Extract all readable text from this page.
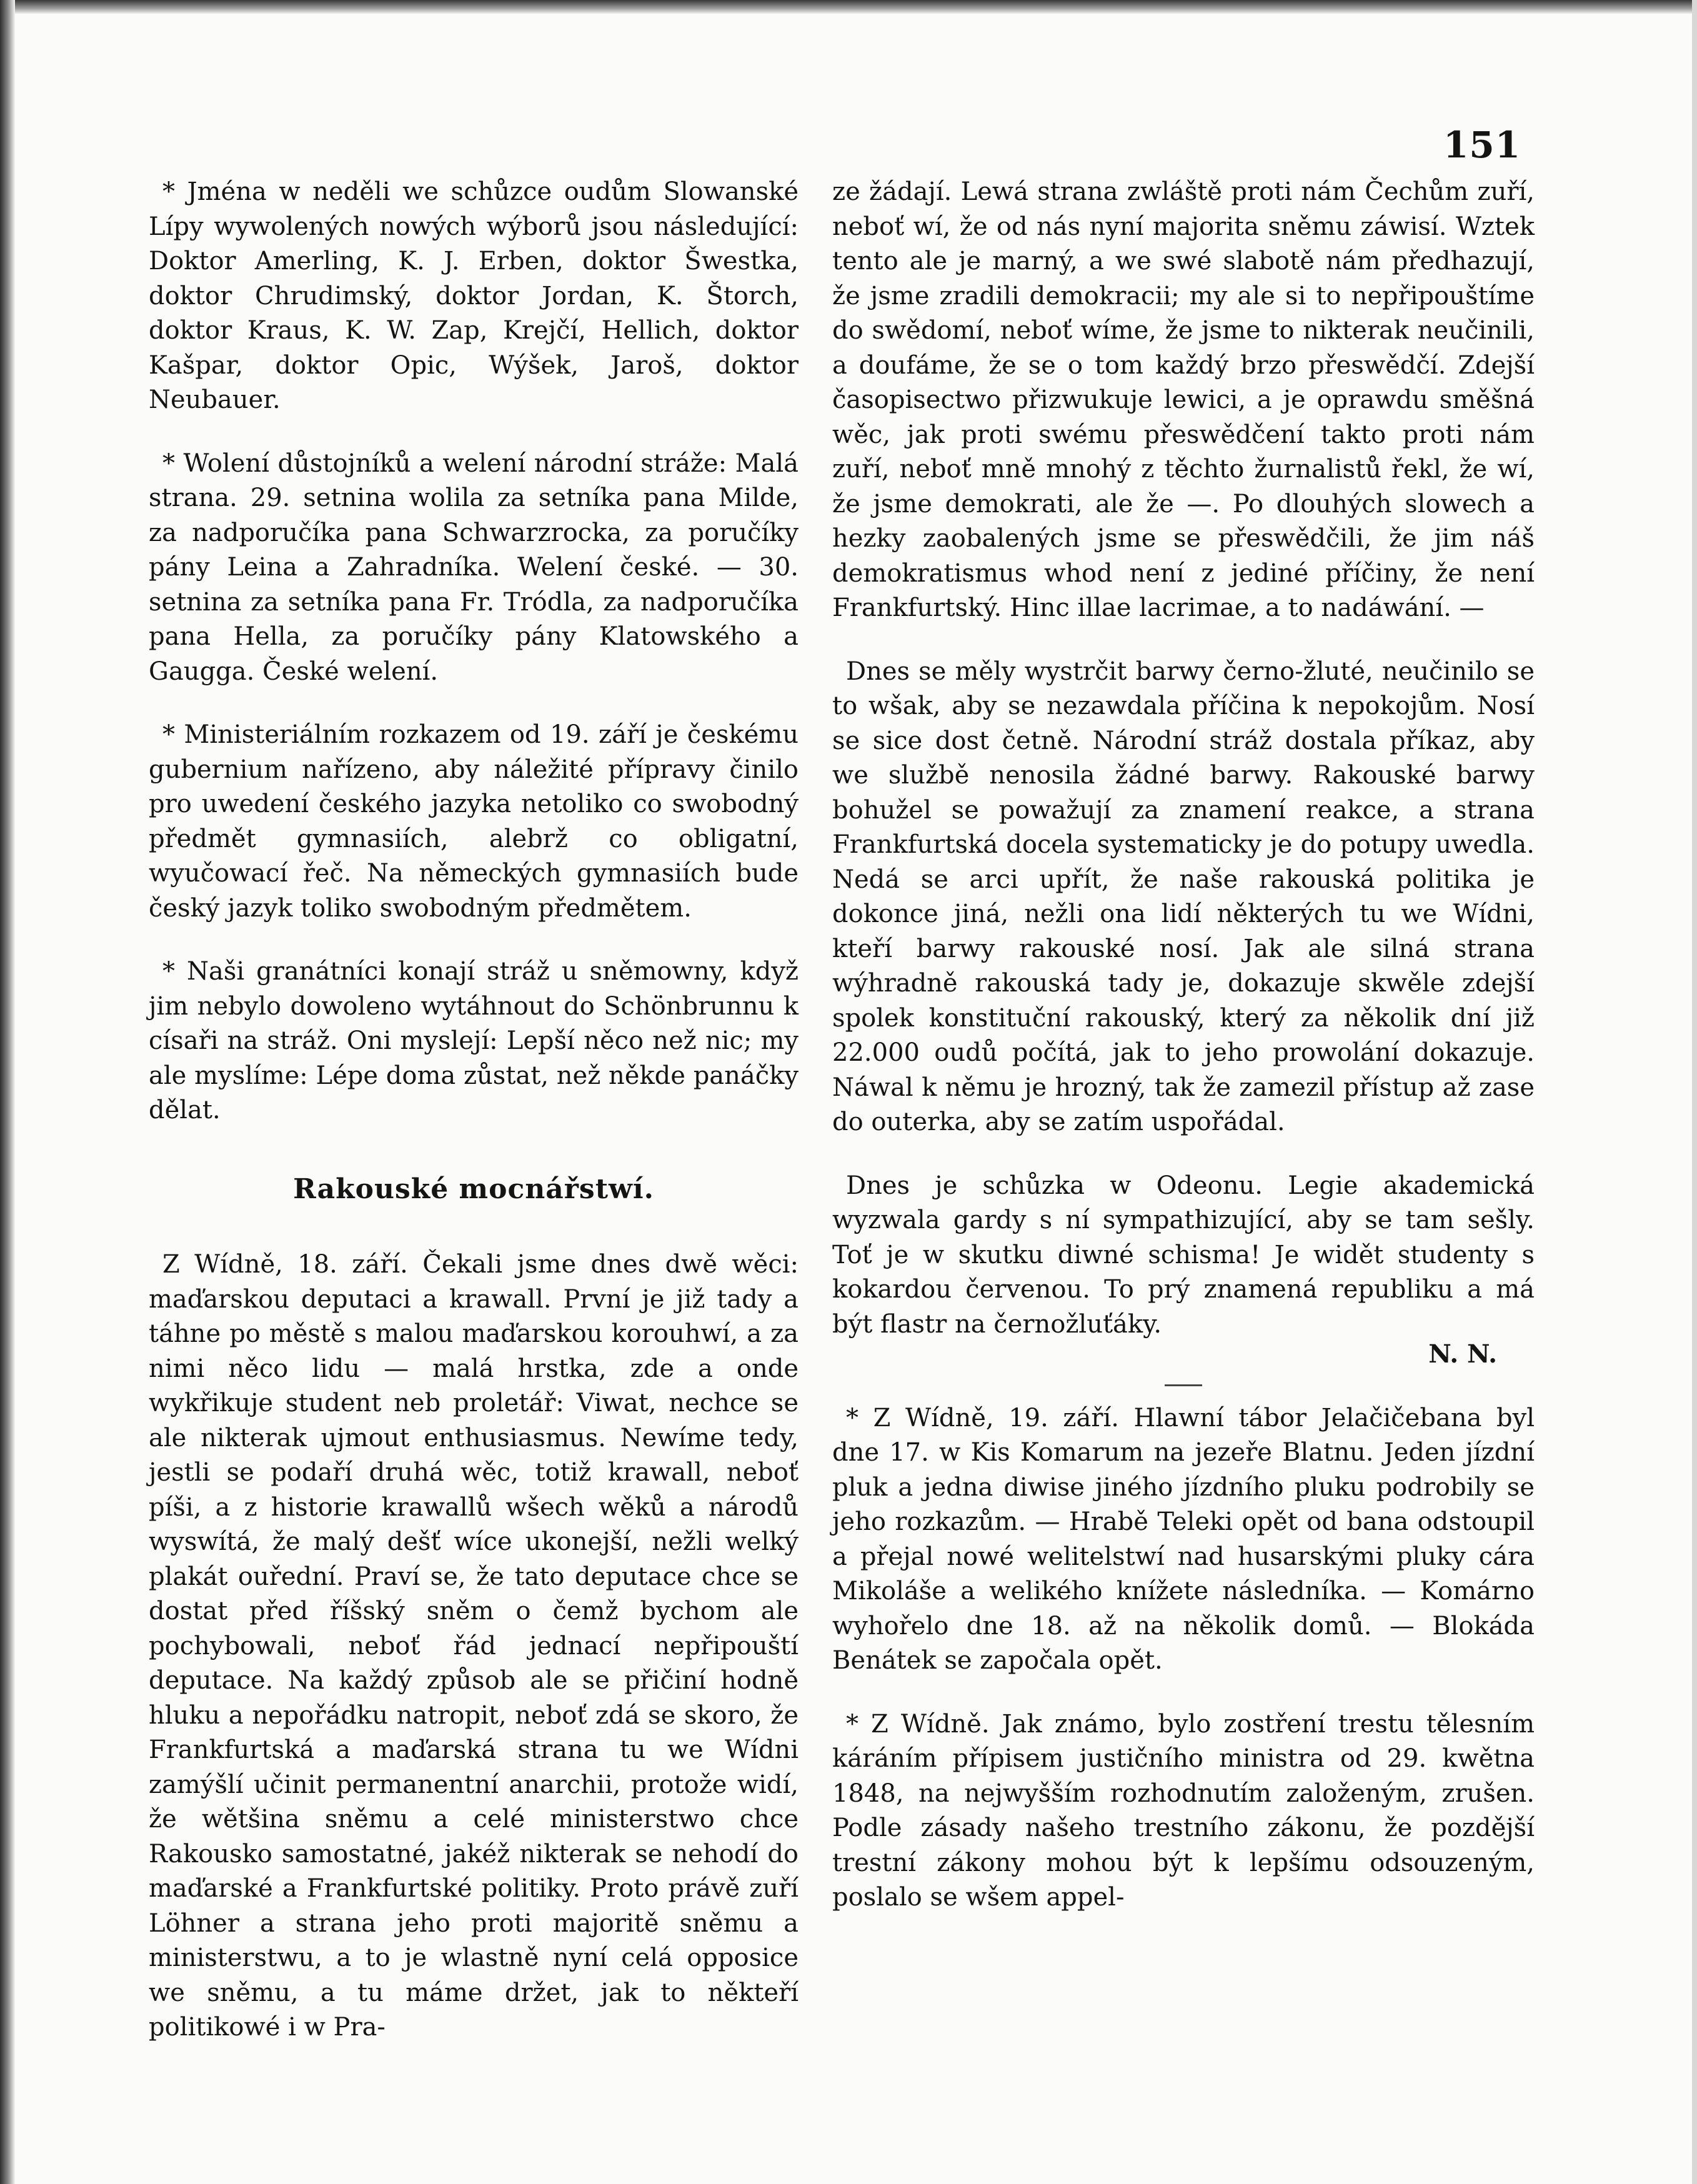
151

* Jména w neděli we schůzce oudům Slowanské Lípy wywolených nowých wýborů jsou následující: Doktor Amerling, K. J. Erben, doktor Šwestka, doktor Chrudimský, doktor Jordan, K. Štorch, doktor Kraus, K. W. Zap, Krejčí, Hellich, doktor Kašpar, doktor Opic, Wýšek, Jaroš, doktor Neubauer.

* Wolení důstojníků a welení národní stráže: Malá strana. 29. setnina wolila za setníka pana Milde, za nadporučíka pana Schwarzrocka, za poručíky pány Leina a Zahradníka. Welení české. — 30. setnina za setníka pana Fr. Tródla, za nadporučíka pana Hella, za poručíky pány Klatowského a Gaugga. České welení.

* Ministeriálním rozkazem od 19. září je českému gubernium nařízeno, aby náležité přípravy činilo pro uwedení českého jazyka netoliko co swobodný předmět gymnasiích, alebrž co obligatní, wyučowací řeč. Na německých gymnasiích bude český jazyk toliko swobodným předmětem.

* Naši granátníci konají stráž u sněmowny, když jim nebylo dowoleno wytáhnout do Schönbrunnu k císaři na stráž. Oni myslejí: Lepší něco než nic; my ale myslíme: Lépe doma zůstat, než někde panáčky dělat.

Rakouské mocnářstwí.

Z Wídně, 18. září. Čekali jsme dnes dwě wěci: maďarskou deputaci a krawall. První je již tady a táhne po městě s malou maďarskou korouhwí, a za nimi něco lidu — malá hrstka, zde a onde wykřikuje student neb proletář: Viwat, nechce se ale nikterak ujmout enthusiasmus. Newíme tedy, jestli se podaří druhá wěc, totiž krawall, neboť píši, a z historie krawallů wšech wěků a národů wyswítá, že malý dešť wíce ukonejší, nežli welký plakát ouřední. Praví se, že tato deputace chce se dostat před říšský sněm o čemž bychom ale pochybowali, neboť řád jednací nepřipouští deputace. Na každý způsob ale se přičiní hodně hluku a nepořádku natropit, neboť zdá se skoro, že Frankfurtská a maďarská strana tu we Wídni zamýšlí učinit permanentní anarchii, protože widí, že wětšina sněmu a celé ministerstwo chce Rakousko samostatné, jakéž nikterak se nehodí do maďarské a Frankfurtské politiky. Proto právě zuří Löhner a strana jeho proti majoritě sněmu a ministerstwu, a to je wlastně nyní celá opposice we sněmu, a tu máme držet, jak to někteří politikowé i w Pra-

ze žádají. Lewá strana zwláště proti nám Čechům zuří, neboť wí, že od nás nyní majorita sněmu záwisí. Wztek tento ale je marný, a we swé slabotě nám předhazují, že jsme zradili demokracii; my ale si to nepřipouštíme do swědomí, neboť wíme, že jsme to nikterak neučinili, a doufáme, že se o tom každý brzo přeswědčí. Zdejší časopisectwo přizwukuje lewici, a je oprawdu směšná wěc, jak proti swému přeswědčení takto proti nám zuří, neboť mně mnohý z těchto žurnalistů řekl, že wí, že jsme demokrati, ale že —. Po dlouhých slowech a hezky zaobalených jsme se přeswědčili, že jim náš demokratismus whod není z jediné příčiny, že není Frankfurtský. Hinc illae lacrimae, a to nadáwání. —

Dnes se měly wystrčit barwy černo-žluté, neučinilo se to wšak, aby se nezawdala příčina k nepokojům. Nosí se sice dost četně. Národní stráž dostala příkaz, aby we službě nenosila žádné barwy. Rakouské barwy bohužel se powažují za znamení reakce, a strana Frankfurtská docela systematicky je do potupy uwedla. Nedá se arci upřít, že naše rakouská politika je dokonce jiná, nežli ona lidí některých tu we Wídni, kteří barwy rakouské nosí. Jak ale silná strana wýhradně rakouská tady je, dokazuje skwěle zdejší spolek konstituční rakouský, který za několik dní již 22.000 oudů počítá, jak to jeho prowolání dokazuje. Náwal k němu je hrozný, tak že zamezil přístup až zase do outerka, aby se zatím uspořádal.

Dnes je schůzka w Odeonu. Legie akademická wyzwala gardy s ní sympathizující, aby se tam sešly. Toť je w skutku diwné schisma! Je widět studenty s kokardou červenou. To prý znamená republiku a má být flastr na černožluťáky.

N. N.

* Z Wídně, 19. září. Hlawní tábor Jelačičebana byl dne 17. w Kis Komarum na jezeře Blatnu. Jeden jízdní pluk a jedna diwise jiného jízdního pluku podrobily se jeho rozkazům. — Hrabě Teleki opět od bana odstoupil a přejal nowé welitelstwí nad husarskými pluky cára Mikoláše a welikého knížete následníka. — Komárno wyhořelo dne 18. až na několik domů. — Blokáda Benátek se započala opět.

* Z Wídně. Jak známo, bylo zostření trestu tělesním káráním přípisem justičního ministra od 29. kwětna 1848, na nejwyšším rozhodnutím založeným, zrušen. Podle zásady našeho trestního zákonu, že pozdější trestní zákony mohou být k lepšímu odsouzeným, poslalo se wšem appel-
